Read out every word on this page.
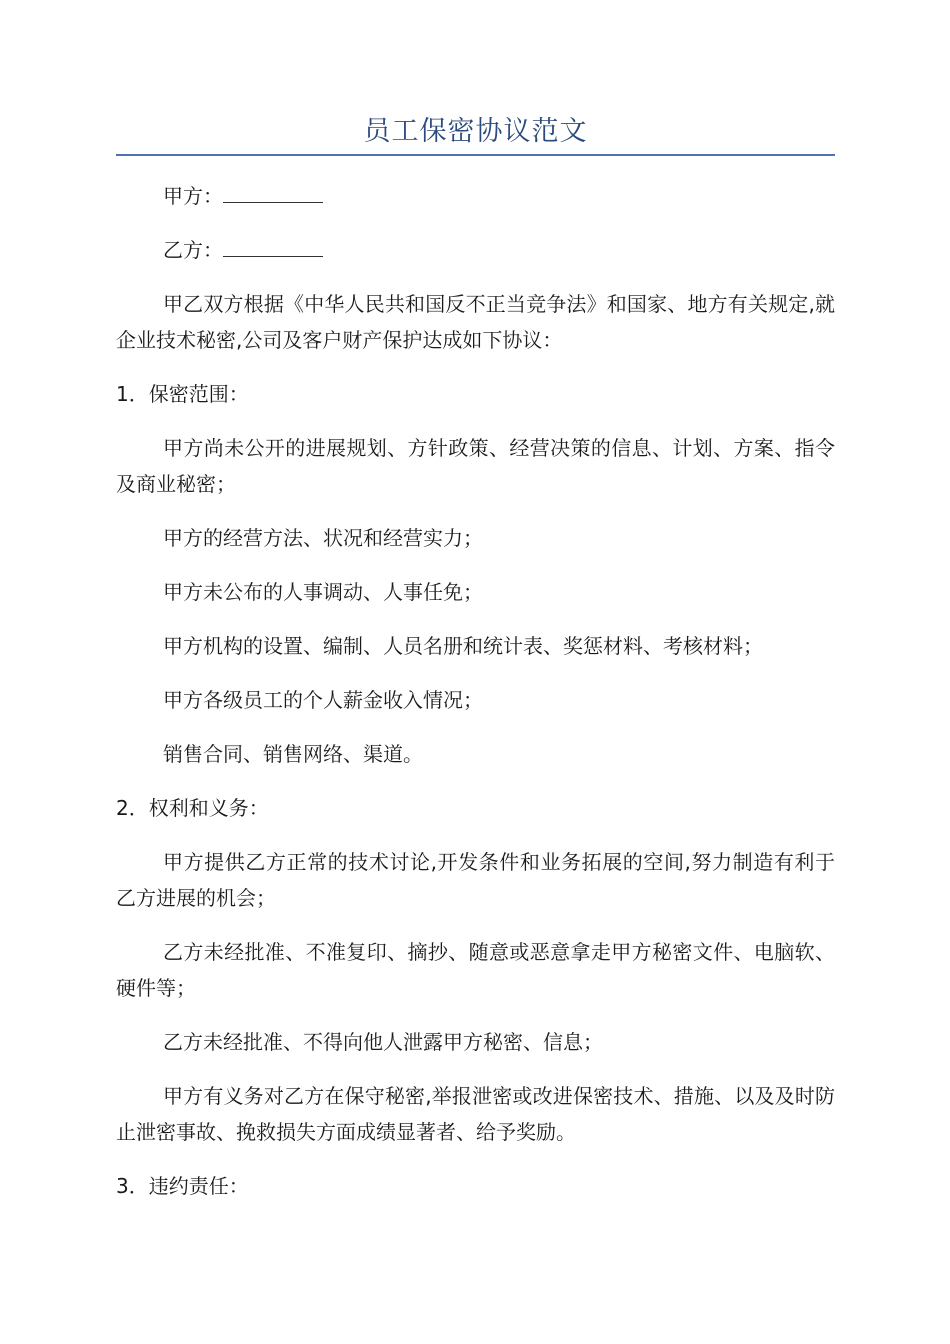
员工保密协议范文

甲方：

乙方：

甲乙双方根据《中华人民共和国反不正当竞争法》和国家、地方有关规定,就企业技术秘密,公司及客户财产保护达成如下协议：

1．保密范围：

甲方尚未公开的进展规划、方针政策、经营决策的信息、计划、方案、指令及商业秘密；

甲方的经营方法、状况和经营实力；

甲方未公布的人事调动、人事任免；

甲方机构的设置、编制、人员名册和统计表、奖惩材料、考核材料；

甲方各级员工的个人薪金收入情况；

销售合同、销售网络、渠道。

2．权利和义务：

甲方提供乙方正常的技术讨论,开发条件和业务拓展的空间,努力制造有利于乙方进展的机会；

乙方未经批准、不准复印、摘抄、随意或恶意拿走甲方秘密文件、电脑软、硬件等；

乙方未经批准、不得向他人泄露甲方秘密、信息；

甲方有义务对乙方在保守秘密,举报泄密或改进保密技术、措施、以及及时防止泄密事故、挽救损失方面成绩显著者、给予奖励。

3．违约责任：
